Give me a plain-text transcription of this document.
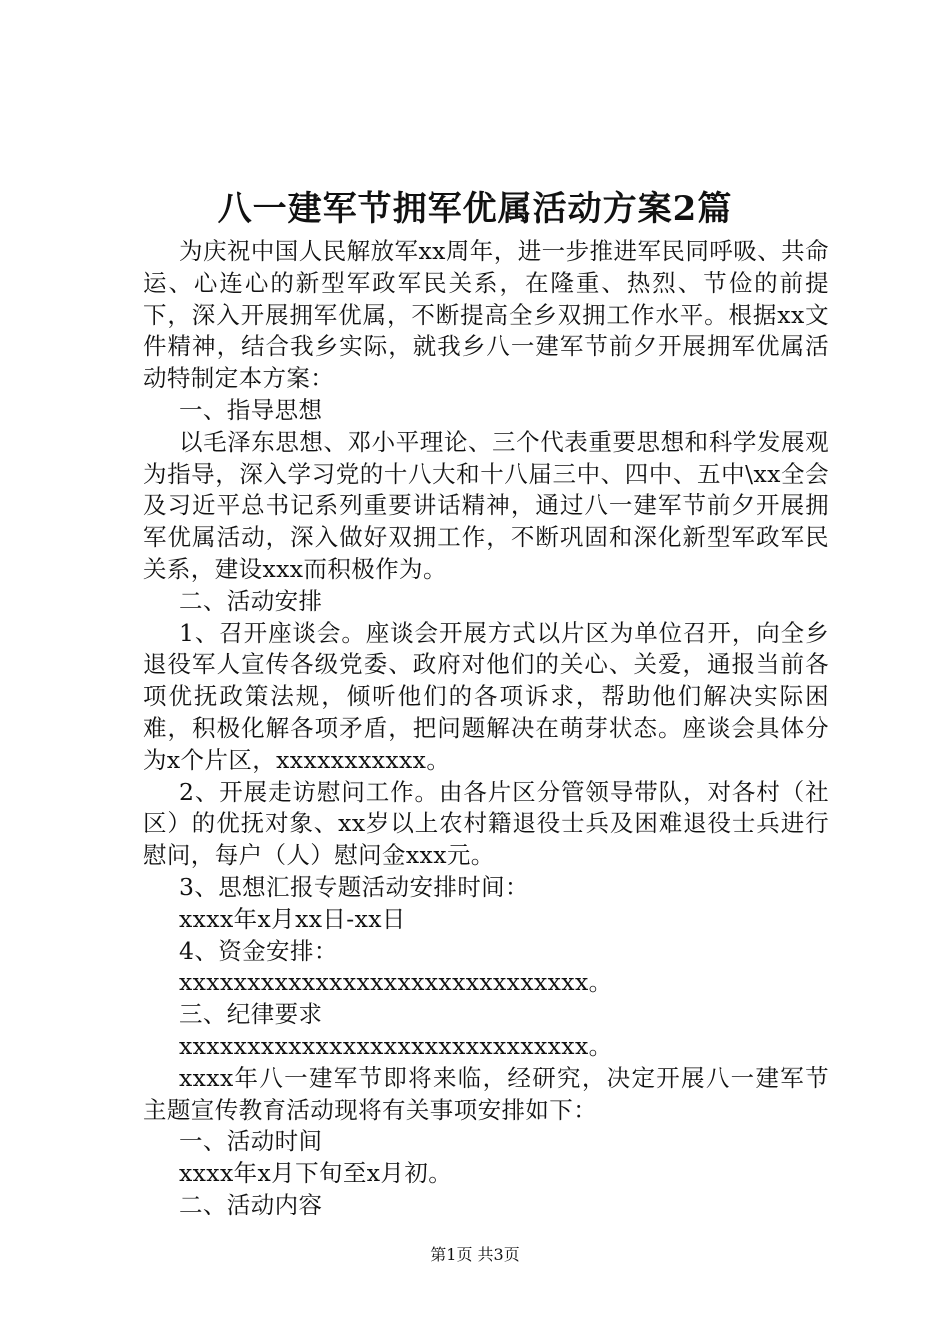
八一建军节拥军优属活动方案2篇

为庆祝中国人民解放军xx周年，进一步推进军民同呼吸、共命运、心连心的新型军政军民关系，在隆重、热烈、节俭的前提下，深入开展拥军优属，不断提高全乡双拥工作水平。根据xx文件精神，结合我乡实际，就我乡八一建军节前夕开展拥军优属活动特制定本方案：

一、指导思想

以毛泽东思想、邓小平理论、三个代表重要思想和科学发展观为指导，深入学习党的十八大和十八届三中、四中、五中\xx全会及习近平总书记系列重要讲话精神，通过八一建军节前夕开展拥军优属活动，深入做好双拥工作，不断巩固和深化新型军政军民关系，建设xxx而积极作为。

二、活动安排

1、召开座谈会。座谈会开展方式以片区为单位召开，向全乡退役军人宣传各级党委、政府对他们的关心、关爱，通报当前各项优抚政策法规，倾听他们的各项诉求，帮助他们解决实际困难，积极化解各项矛盾，把问题解决在萌芽状态。座谈会具体分为x个片区，xxxxxxxxxxx。

2、开展走访慰问工作。由各片区分管领导带队，对各村（社区）的优抚对象、xx岁以上农村籍退役士兵及困难退役士兵进行慰问，每户（人）慰问金xxx元。

3、思想汇报专题活动安排时间：

xxxx年x月xx日-xx日

4、资金安排：

xxxxxxxxxxxxxxxxxxxxxxxxxxxxxx。

三、纪律要求

xxxxxxxxxxxxxxxxxxxxxxxxxxxxxx。

xxxx年八一建军节即将来临，经研究，决定开展八一建军节主题宣传教育活动现将有关事项安排如下：

一、活动时间

xxxx年x月下旬至x月初。

二、活动内容

第1页 共3页
